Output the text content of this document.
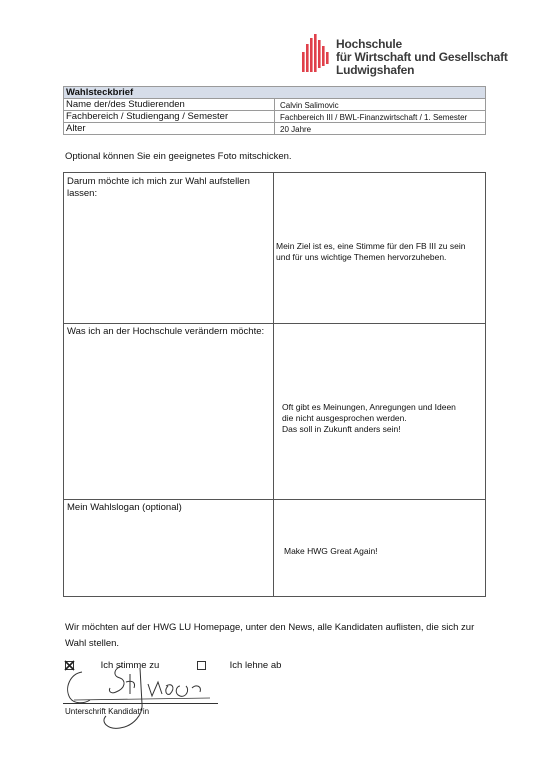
Hochschule
für Wirtschaft und Gesellschaft
Ludwigshafen
Wahlsteckbrief	
Name der/des Studierenden	Calvin Salimovic
Fachbereich / Studiengang / Semester	Fachbereich III / BWL-Finanzwirtschaft / 1. Semester
Alter	20 Jahre
Optional können Sie ein geeignetes Foto mitschicken.
Darum möchte ich mich zur Wahl aufstellen lassen:
Mein Ziel ist es, eine Stimme für den FB III zu sein
und für uns wichtige Themen hervorzuheben.
Was ich an der Hochschule verändern möchte:
Oft gibt es Meinungen, Anregungen und Ideen
die nicht ausgesprochen werden.
Das soll in Zukunft anders sein!
Mein Wahlslogan (optional)
Make HWG Great Again!
Wir möchten auf der HWG LU Homepage, unter den News, alle Kandidaten auflisten, die sich zur Wahl stellen.
Ich stimme zu	Ich lehne ab
Unterschrift Kandidat*in
